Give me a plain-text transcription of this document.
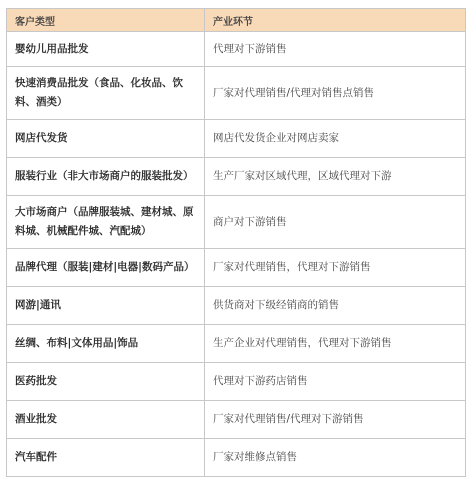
客户类型	产业环节
婴幼儿用品批发	代理对下游销售
快速消费品批发（食品、化妆品、饮料、酒类）	厂家对代理销售/代理对销售点销售
网店代发货	网店代发货企业对网店卖家
服装行业（非大市场商户的服装批发）	生产厂家对区域代理，区域代理对下游
大市场商户（品牌服装城、建材城、原料城、机械配件城、汽配城）	商户对下游销售
品牌代理（服装|建材|电器|数码产品）	厂家对代理销售，代理对下游销售
网游|通讯	供货商对下级经销商的销售
丝绸、布料|文体用品|饰品	生产企业对代理销售，代理对下游销售
医药批发	代理对下游药店销售
酒业批发	厂家对代理销售/代理对下游销售
汽车配件	厂家对维修点销售
